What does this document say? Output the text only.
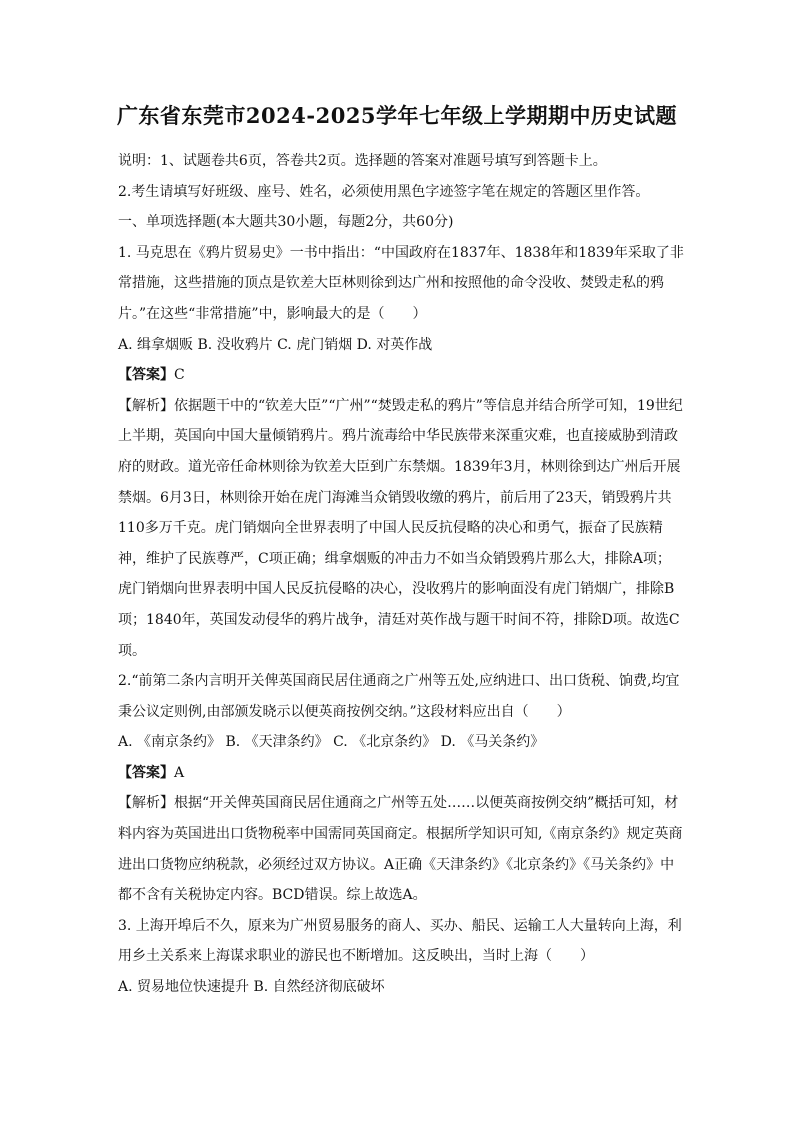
广东省东莞市2024-2025学年七年级上学期期中历史试题

说明：1、试题卷共6页，答卷共2页。选择题的答案对准题号填写到答题卡上。

2.考生请填写好班级、座号、姓名，必须使用黑色字迹签字笔在规定的答题区里作答。

一、单项选择题(本大题共30小题，每题2分，共60分)

1. 马克思在《鸦片贸易史》一书中指出：“中国政府在1837年、1838年和1839年采取了非常措施，这些措施的顶点是钦差大臣林则徐到达广州和按照他的命令没收、焚毁走私的鸦片。”在这些“非常措施”中，影响最大的是（　　）

A. 缉拿烟贩 B. 没收鸦片 C. 虎门销烟 D. 对英作战

【答案】C

【解析】依据题干中的“钦差大臣”“广州”“焚毁走私的鸦片”等信息并结合所学可知，19世纪上半期，英国向中国大量倾销鸦片。鸦片流毒给中华民族带来深重灾难，也直接威胁到清政府的财政。道光帝任命林则徐为钦差大臣到广东禁烟。1839年3月，林则徐到达广州后开展禁烟。6月3日，林则徐开始在虎门海滩当众销毁收缴的鸦片，前后用了23天，销毁鸦片共110多万千克。虎门销烟向全世界表明了中国人民反抗侵略的决心和勇气，振奋了民族精神，维护了民族尊严，C项正确；缉拿烟贩的冲击力不如当众销毁鸦片那么大，排除A项；虎门销烟向世界表明中国人民反抗侵略的决心，没收鸦片的影响面没有虎门销烟广，排除B项；1840年，英国发动侵华的鸦片战争，清廷对英作战与题干时间不符，排除D项。故选C项。

2.“前第二条内言明开关俾英国商民居住通商之广州等五处,应纳进口、出口货税、饷费,均宜秉公议定则例,由部颁发晓示以便英商按例交纳。”这段材料应出自（　　）

A. 《南京条约》 B. 《天津条约》 C. 《北京条约》 D. 《马关条约》

【答案】A

【解析】根据“开关俾英国商民居住通商之广州等五处……以便英商按例交纳”概括可知，材料内容为英国进出口货物税率中国需同英国商定。根据所学知识可知,《南京条约》规定英商进出口货物应纳税款，必须经过双方协议。A正确《天津条约》《北京条约》《马关条约》中都不含有关税协定内容。BCD错误。综上故选A。

3. 上海开埠后不久，原来为广州贸易服务的商人、买办、船民、运输工人大量转向上海，利用乡土关系来上海谋求职业的游民也不断增加。这反映出，当时上海（　　）

A. 贸易地位快速提升 B. 自然经济彻底破坏
